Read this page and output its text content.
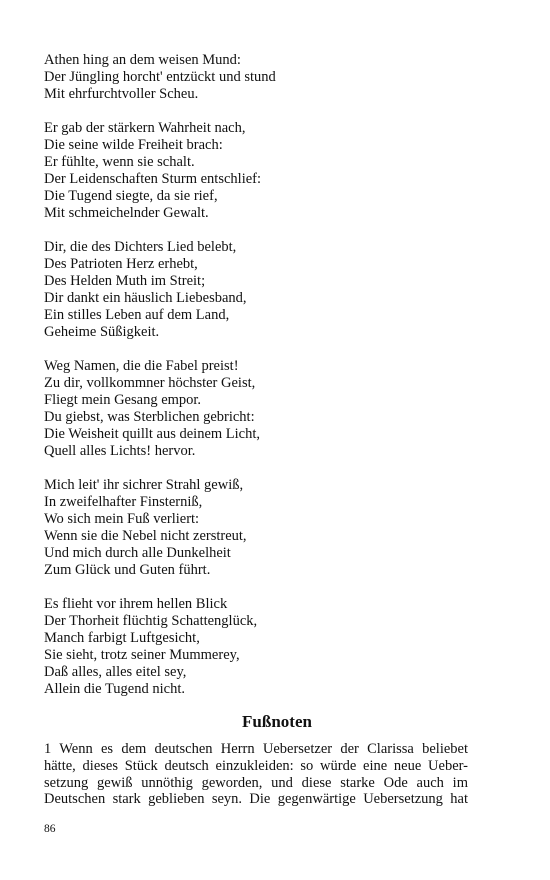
Athen hing an dem weisen Mund:
Der Jüngling horcht' entzückt und stund
Mit ehrfurchtvoller Scheu.
Er gab der stärkern Wahrheit nach,
Die seine wilde Freiheit brach:
Er fühlte, wenn sie schalt.
Der Leidenschaften Sturm entschlief:
Die Tugend siegte, da sie rief,
Mit schmeichelnder Gewalt.
Dir, die des Dichters Lied belebt,
Des Patrioten Herz erhebt,
Des Helden Muth im Streit;
Dir dankt ein häuslich Liebesband,
Ein stilles Leben auf dem Land,
Geheime Süßigkeit.
Weg Namen, die die Fabel preist!
Zu dir, vollkommner höchster Geist,
Fliegt mein Gesang empor.
Du giebst, was Sterblichen gebricht:
Die Weisheit quillt aus deinem Licht,
Quell alles Lichts! hervor.
Mich leit' ihr sichrer Strahl gewiß,
In zweifelhafter Finsterniß,
Wo sich mein Fuß verliert:
Wenn sie die Nebel nicht zerstreut,
Und mich durch alle Dunkelheit
Zum Glück und Guten führt.
Es flieht vor ihrem hellen Blick
Der Thorheit flüchtig Schattenglück,
Manch farbigt Luftgesicht,
Sie sieht, trotz seiner Mummerey,
Daß alles, alles eitel sey,
Allein die Tugend nicht.
Fußnoten
1 Wenn es dem deutschen Herrn Uebersetzer der Clarissa beliebet
hätte, dieses Stück deutsch einzukleiden: so würde eine neue Ueber-
setzung gewiß unnöthig geworden, und diese starke Ode auch im
Deutschen stark geblieben seyn. Die gegenwärtige Uebersetzung hat
86
